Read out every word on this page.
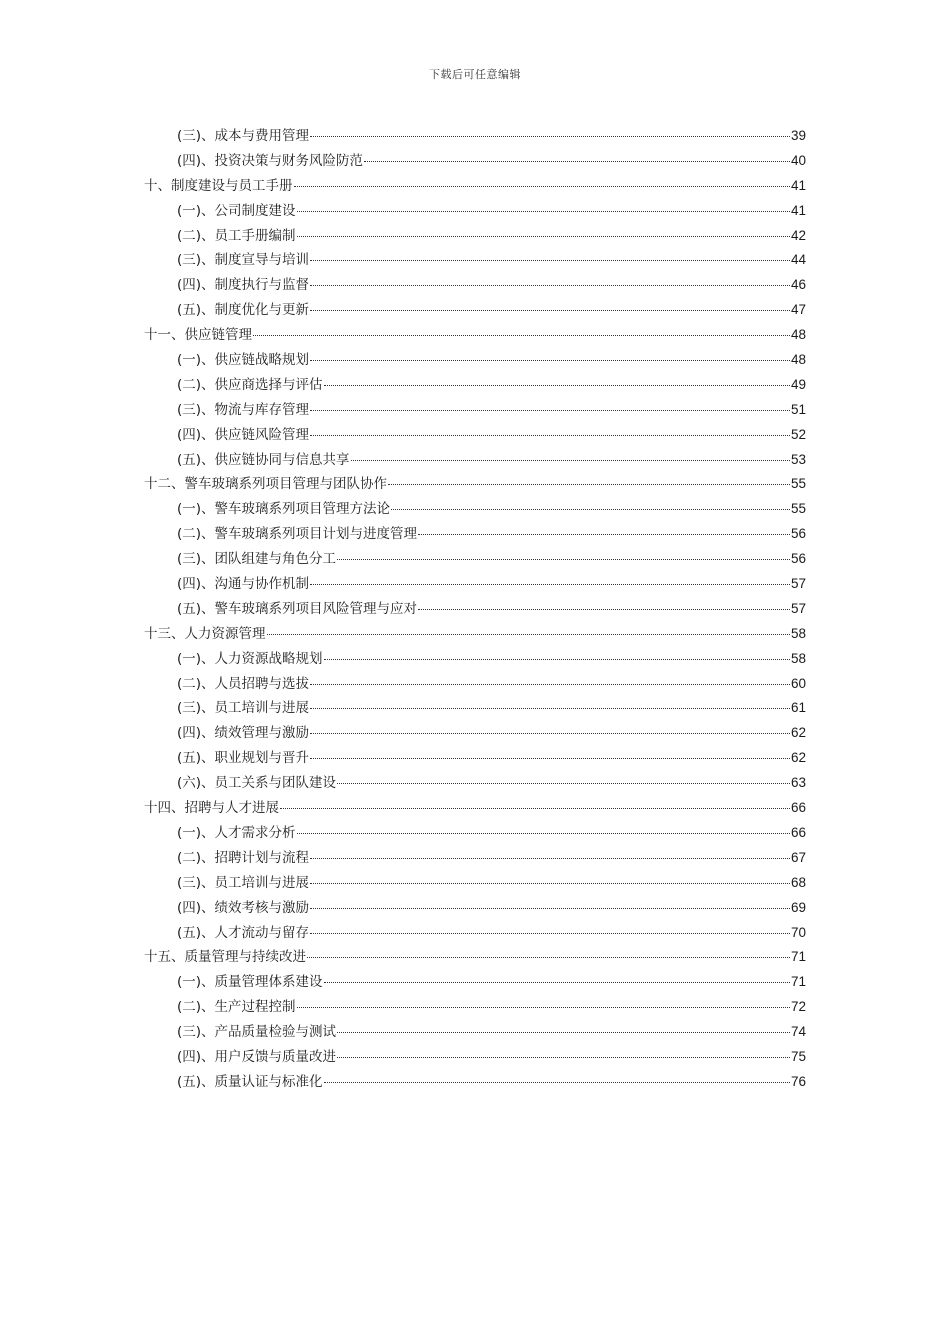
下载后可任意编辑
(三)、成本与费用管理	39
(四)、投资决策与财务风险防范	40
十、制度建设与员工手册	41
(一)、公司制度建设	41
(二)、员工手册编制	42
(三)、制度宣导与培训	44
(四)、制度执行与监督	46
(五)、制度优化与更新	47
十一、供应链管理	48
(一)、供应链战略规划	48
(二)、供应商选择与评估	49
(三)、物流与库存管理	51
(四)、供应链风险管理	52
(五)、供应链协同与信息共享	53
十二、警车玻璃系列项目管理与团队协作	55
(一)、警车玻璃系列项目管理方法论	55
(二)、警车玻璃系列项目计划与进度管理	56
(三)、团队组建与角色分工	56
(四)、沟通与协作机制	57
(五)、警车玻璃系列项目风险管理与应对	57
十三、人力资源管理	58
(一)、人力资源战略规划	58
(二)、人员招聘与选拔	60
(三)、员工培训与进展	61
(四)、绩效管理与激励	62
(五)、职业规划与晋升	62
(六)、员工关系与团队建设	63
十四、招聘与人才进展	66
(一)、人才需求分析	66
(二)、招聘计划与流程	67
(三)、员工培训与进展	68
(四)、绩效考核与激励	69
(五)、人才流动与留存	70
十五、质量管理与持续改进	71
(一)、质量管理体系建设	71
(二)、生产过程控制	72
(三)、产品质量检验与测试	74
(四)、用户反馈与质量改进	75
(五)、质量认证与标准化	76
